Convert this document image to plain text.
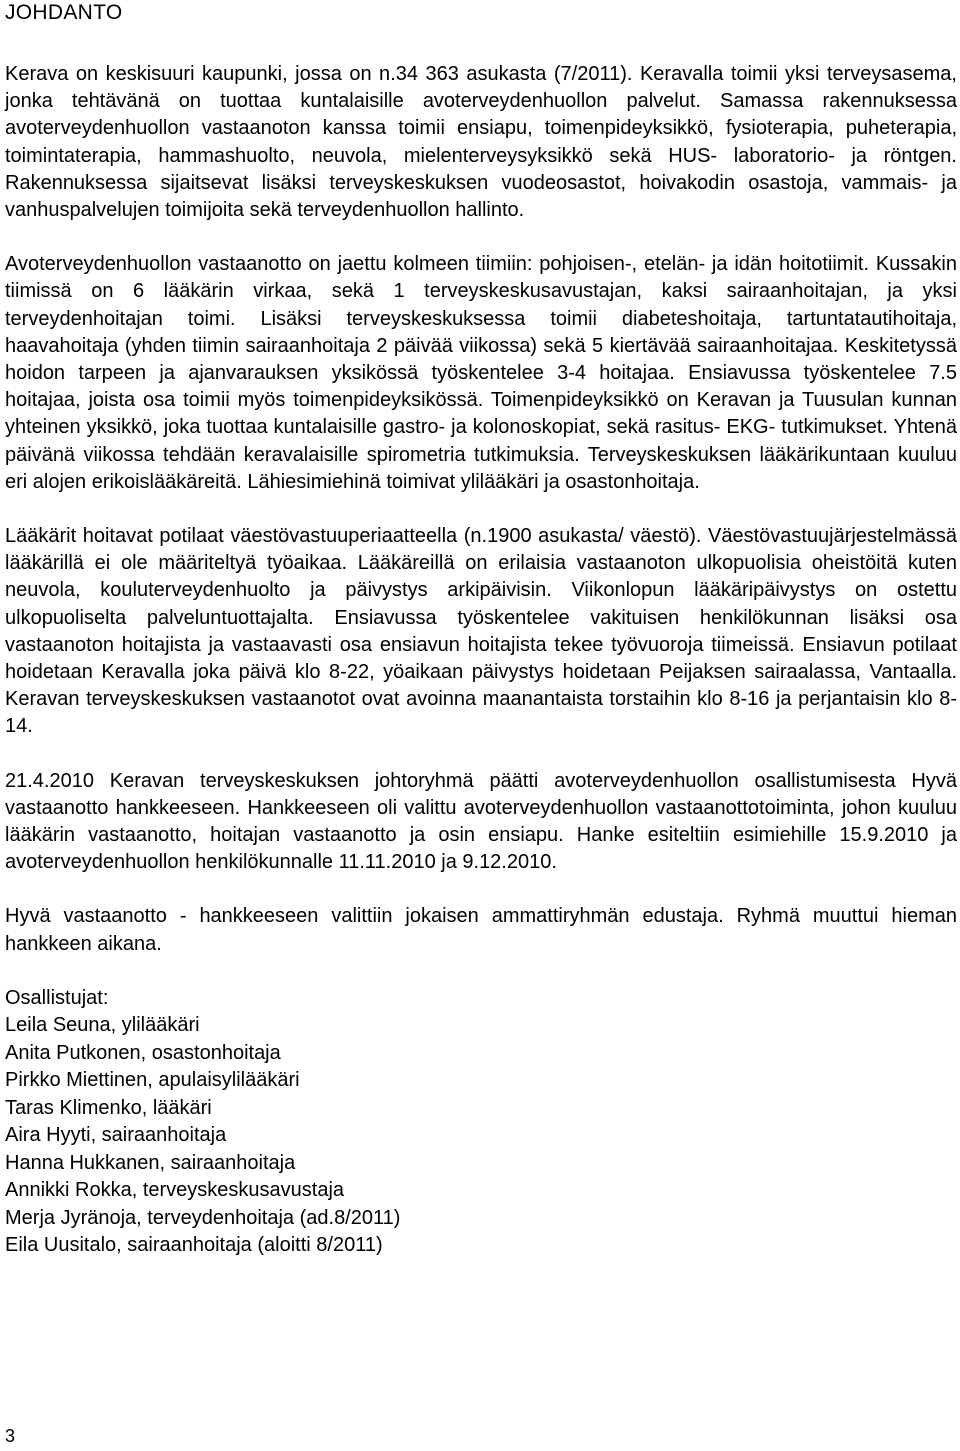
JOHDANTO

Kerava on keskisuuri kaupunki, jossa on n.34 363 asukasta (7/2011). Keravalla toimii yksi terveysasema, jonka tehtävänä on tuottaa kuntalaisille avoterveydenhuollon palvelut. Samassa rakennuksessa avoterveydenhuollon vastaanoton kanssa toimii ensiapu, toimenpideyksikkö, fysioterapia, puheterapia, toimintaterapia, hammashuolto, neuvola, mielenterveysyksikkö sekä HUS- laboratorio- ja röntgen. Rakennuksessa sijaitsevat lisäksi terveyskeskuksen vuodeosastot, hoivakodin osastoja, vammais- ja vanhuspalvelujen toimijoita sekä terveydenhuollon hallinto.

Avoterveydenhuollon vastaanotto on jaettu kolmeen tiimiin: pohjoisen-, etelän- ja idän hoitotiimit. Kussakin tiimissä on 6 lääkärin virkaa, sekä 1 terveyskeskusavustajan, kaksi sairaanhoitajan, ja yksi terveydenhoitajan toimi. Lisäksi terveyskeskuksessa toimii diabeteshoitaja, tartuntatautihoitaja, haavahoitaja (yhden tiimin sairaanhoitaja 2 päivää viikossa) sekä 5 kiertävää sairaanhoitajaa. Keskitetyssä hoidon tarpeen ja ajanvarauksen yksikössä työskentelee 3-4 hoitajaa. Ensiavussa työskentelee 7.5 hoitajaa, joista osa toimii myös toimenpideyksikössä. Toimenpideyksikkö on Keravan ja Tuusulan kunnan yhteinen yksikkö, joka tuottaa kuntalaisille gastro- ja kolonoskopiat, sekä rasitus- EKG- tutkimukset. Yhtenä päivänä viikossa tehdään keravalaisille spirometria tutkimuksia. Terveyskeskuksen lääkärikuntaan kuuluu eri alojen erikoislääkäreitä. Lähiesimiehinä toimivat ylilääkäri ja osastonhoitaja.

Lääkärit hoitavat potilaat väestövastuuperiaatteella (n.1900 asukasta/ väestö). Väestövastuujärjestelmässä lääkärillä ei ole määriteltyä työaikaa. Lääkäreillä on erilaisia vastaanoton ulkopuolisia oheistöitä kuten neuvola, kouluterveydenhuolto ja päivystys arkipäivisin. Viikonlopun lääkäripäivystys on ostettu ulkopuoliselta palveluntuottajalta. Ensiavussa työskentelee vakituisen henkilökunnan lisäksi osa vastaanoton hoitajista ja vastaavasti osa ensiavun hoitajista tekee työvuoroja tiimeissä. Ensiavun potilaat hoidetaan Keravalla joka päivä klo 8-22, yöaikaan päivystys hoidetaan Peijaksen sairaalassa, Vantaalla. Keravan terveyskeskuksen vastaanotot ovat avoinna maanantaista torstaihin klo 8-16 ja perjantaisin klo 8-14.

21.4.2010 Keravan terveyskeskuksen johtoryhmä päätti avoterveydenhuollon osallistumisesta Hyvä vastaanotto hankkeeseen. Hankkeeseen oli valittu avoterveydenhuollon vastaanottotoiminta, johon kuuluu lääkärin vastaanotto, hoitajan vastaanotto ja osin ensiapu. Hanke esiteltiin esimiehille 15.9.2010 ja avoterveydenhuollon henkilökunnalle 11.11.2010 ja 9.12.2010.

Hyvä vastaanotto - hankkeeseen valittiin jokaisen ammattiryhmän edustaja. Ryhmä muuttui hieman hankkeen aikana.

Osallistujat:
Leila Seuna, ylilääkäri
Anita Putkonen, osastonhoitaja
Pirkko Miettinen, apulaisylilääkäri
Taras Klimenko, lääkäri
Aira Hyyti, sairaanhoitaja
Hanna Hukkanen, sairaanhoitaja
Annikki Rokka, terveyskeskusavustaja
Merja Jyränoja, terveydenhoitaja (ad.8/2011)
Eila Uusitalo, sairaanhoitaja (aloitti 8/2011)
3
